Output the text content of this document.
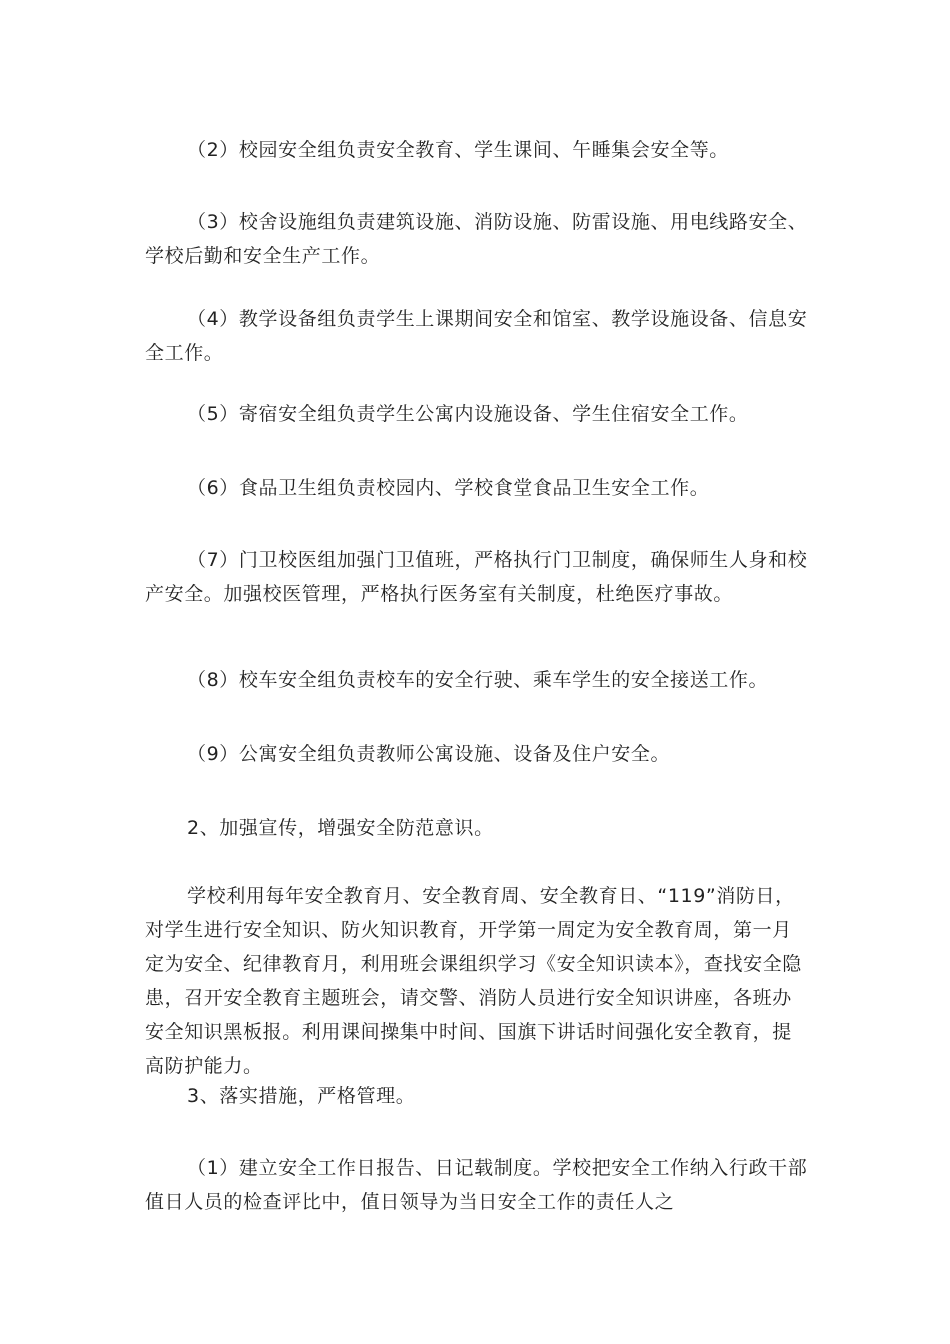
（2）校园安全组负责安全教育、学生课间、午睡集会安全等。

（3）校舍设施组负责建筑设施、消防设施、防雷设施、用电线路安全、学校后勤和安全生产工作。

（4）教学设备组负责学生上课期间安全和馆室、教学设施设备、信息安全工作。

（5）寄宿安全组负责学生公寓内设施设备、学生住宿安全工作。

（6）食品卫生组负责校园内、学校食堂食品卫生安全工作。

（7）门卫校医组加强门卫值班，严格执行门卫制度，确保师生人身和校产安全。加强校医管理，严格执行医务室有关制度，杜绝医疗事故。

（8）校车安全组负责校车的安全行驶、乘车学生的安全接送工作。

（9）公寓安全组负责教师公寓设施、设备及住户安全。

2、加强宣传，增强安全防范意识。

学校利用每年安全教育月、安全教育周、安全教育日、“119”消防日，对学生进行安全知识、防火知识教育，开学第一周定为安全教育周，第一月定为安全、纪律教育月，利用班会课组织学习《安全知识读本》，查找安全隐患，召开安全教育主题班会，请交警、消防人员进行安全知识讲座，各班办安全知识黑板报。利用课间操集中时间、国旗下讲话时间强化安全教育，提高防护能力。

3、落实措施，严格管理。

（1）建立安全工作日报告、日记载制度。学校把安全工作纳入行政干部值日人员的检查评比中，值日领导为当日安全工作的责任人之
